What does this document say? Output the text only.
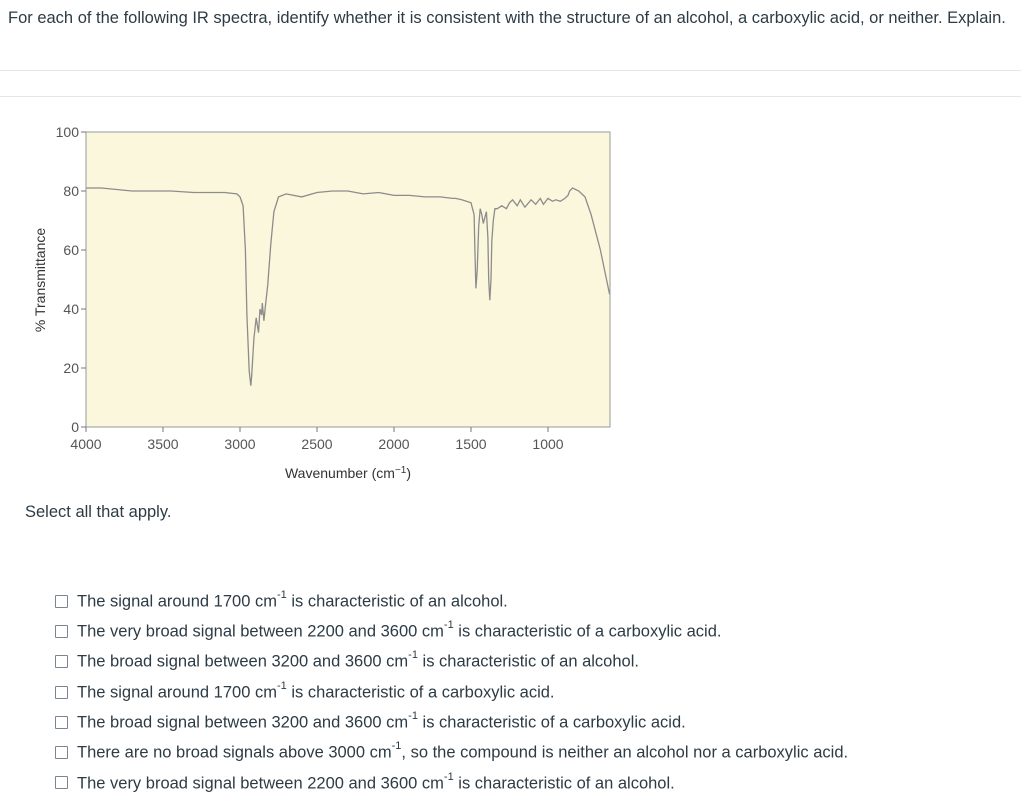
For each of the following IR spectra, identify whether it is consistent with the structure of an alcohol, a carboxylic acid, or neither. Explain.
0
20
40
60
80
100
4000	3500	3000	2500	2000	1500	1000
% Transmittance
Wavenumber $(cm^{-1})$
Select all that apply.
The signal around 1700 $cm^{-1}$ is characteristic of an alcohol.
The very broad signal between 2200 and 3600 $cm^{-1}$ is characteristic of a carboxylic acid.
The broad signal between 3200 and 3600 $cm^{-1}$ is characteristic of an alcohol.
The signal around 1700 $cm^{-1}$ is characteristic of a carboxylic acid.
The broad signal between 3200 and 3600 $cm^{-1}$ is characteristic of a carboxylic acid.
There are no broad signals above 3000 $cm^{-1}$, so the compound is neither an alcohol nor a carboxylic acid.
The very broad signal between 2200 and 3600 $cm^{-1}$ is characteristic of an alcohol.
